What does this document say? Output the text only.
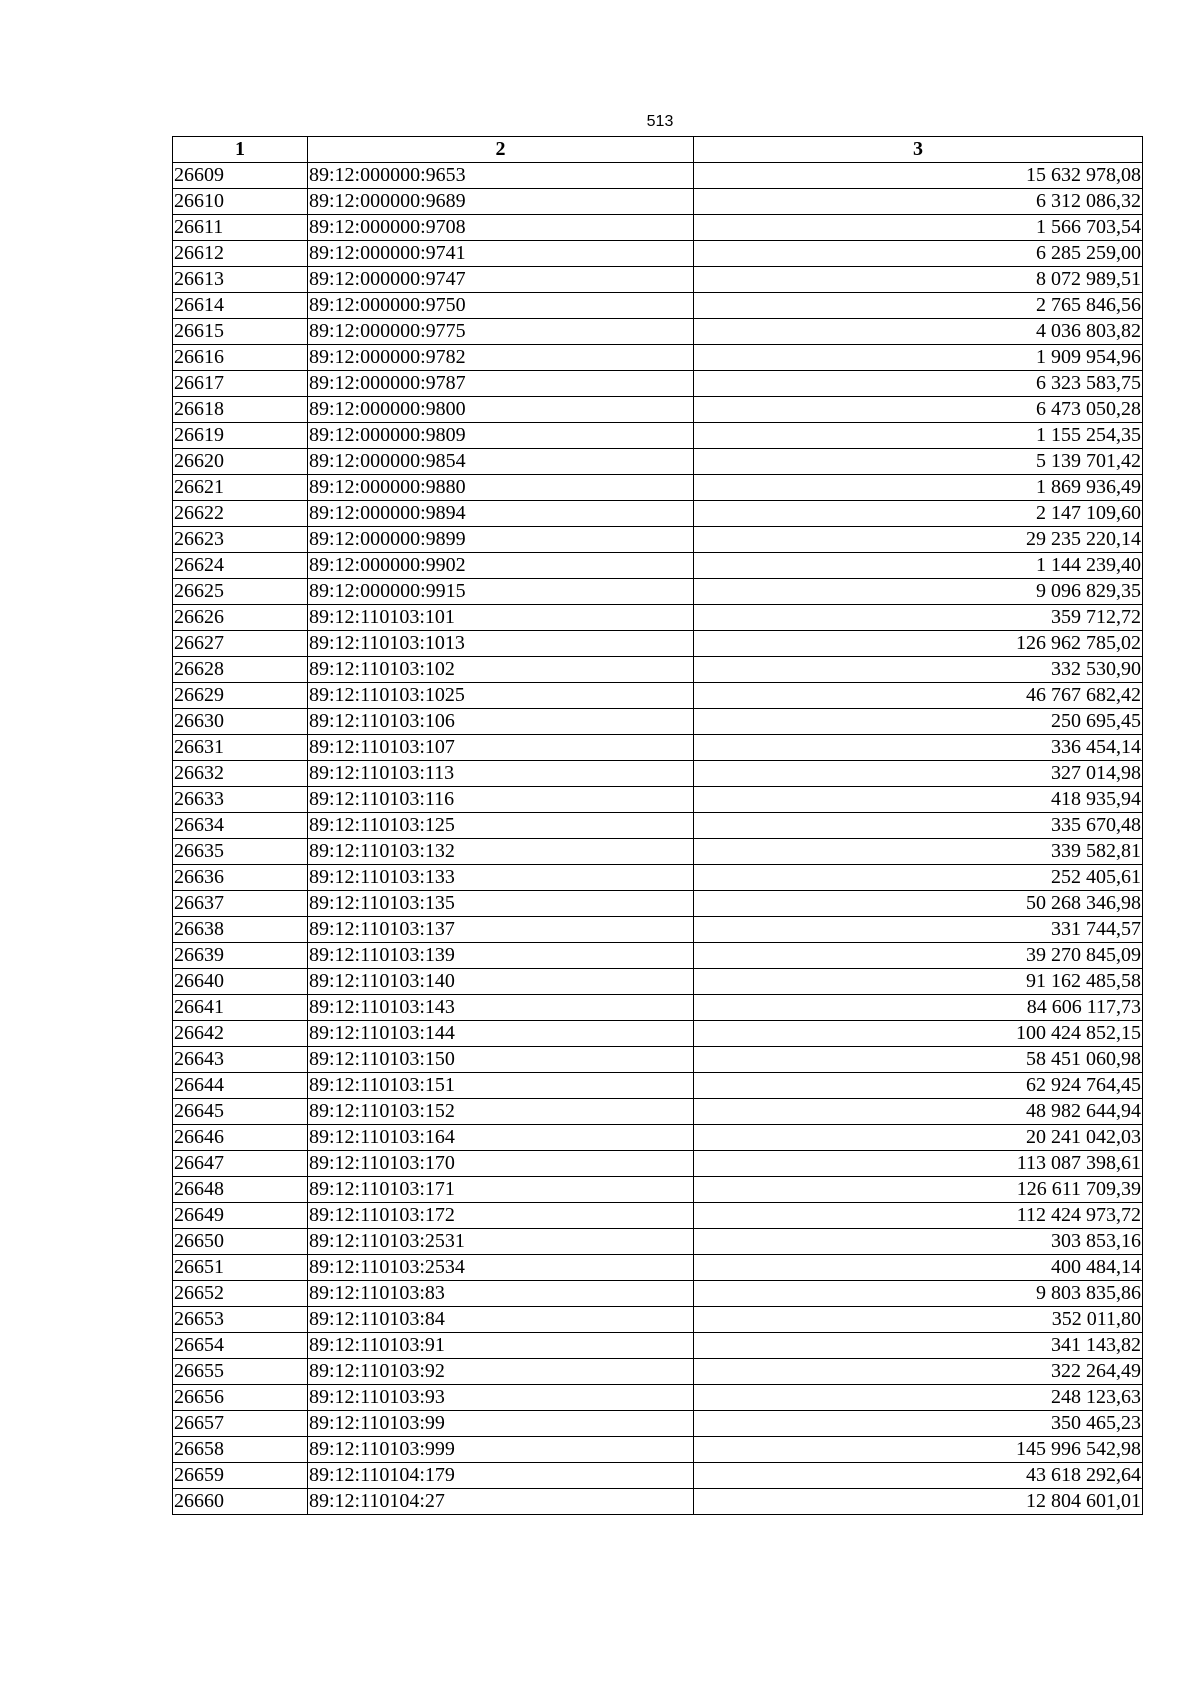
513
1	2	3
26609	89:12:000000:9653	15 632 978,08
26610	89:12:000000:9689	6 312 086,32
26611	89:12:000000:9708	1 566 703,54
26612	89:12:000000:9741	6 285 259,00
26613	89:12:000000:9747	8 072 989,51
26614	89:12:000000:9750	2 765 846,56
26615	89:12:000000:9775	4 036 803,82
26616	89:12:000000:9782	1 909 954,96
26617	89:12:000000:9787	6 323 583,75
26618	89:12:000000:9800	6 473 050,28
26619	89:12:000000:9809	1 155 254,35
26620	89:12:000000:9854	5 139 701,42
26621	89:12:000000:9880	1 869 936,49
26622	89:12:000000:9894	2 147 109,60
26623	89:12:000000:9899	29 235 220,14
26624	89:12:000000:9902	1 144 239,40
26625	89:12:000000:9915	9 096 829,35
26626	89:12:110103:101	359 712,72
26627	89:12:110103:1013	126 962 785,02
26628	89:12:110103:102	332 530,90
26629	89:12:110103:1025	46 767 682,42
26630	89:12:110103:106	250 695,45
26631	89:12:110103:107	336 454,14
26632	89:12:110103:113	327 014,98
26633	89:12:110103:116	418 935,94
26634	89:12:110103:125	335 670,48
26635	89:12:110103:132	339 582,81
26636	89:12:110103:133	252 405,61
26637	89:12:110103:135	50 268 346,98
26638	89:12:110103:137	331 744,57
26639	89:12:110103:139	39 270 845,09
26640	89:12:110103:140	91 162 485,58
26641	89:12:110103:143	84 606 117,73
26642	89:12:110103:144	100 424 852,15
26643	89:12:110103:150	58 451 060,98
26644	89:12:110103:151	62 924 764,45
26645	89:12:110103:152	48 982 644,94
26646	89:12:110103:164	20 241 042,03
26647	89:12:110103:170	113 087 398,61
26648	89:12:110103:171	126 611 709,39
26649	89:12:110103:172	112 424 973,72
26650	89:12:110103:2531	303 853,16
26651	89:12:110103:2534	400 484,14
26652	89:12:110103:83	9 803 835,86
26653	89:12:110103:84	352 011,80
26654	89:12:110103:91	341 143,82
26655	89:12:110103:92	322 264,49
26656	89:12:110103:93	248 123,63
26657	89:12:110103:99	350 465,23
26658	89:12:110103:999	145 996 542,98
26659	89:12:110104:179	43 618 292,64
26660	89:12:110104:27	12 804 601,01
